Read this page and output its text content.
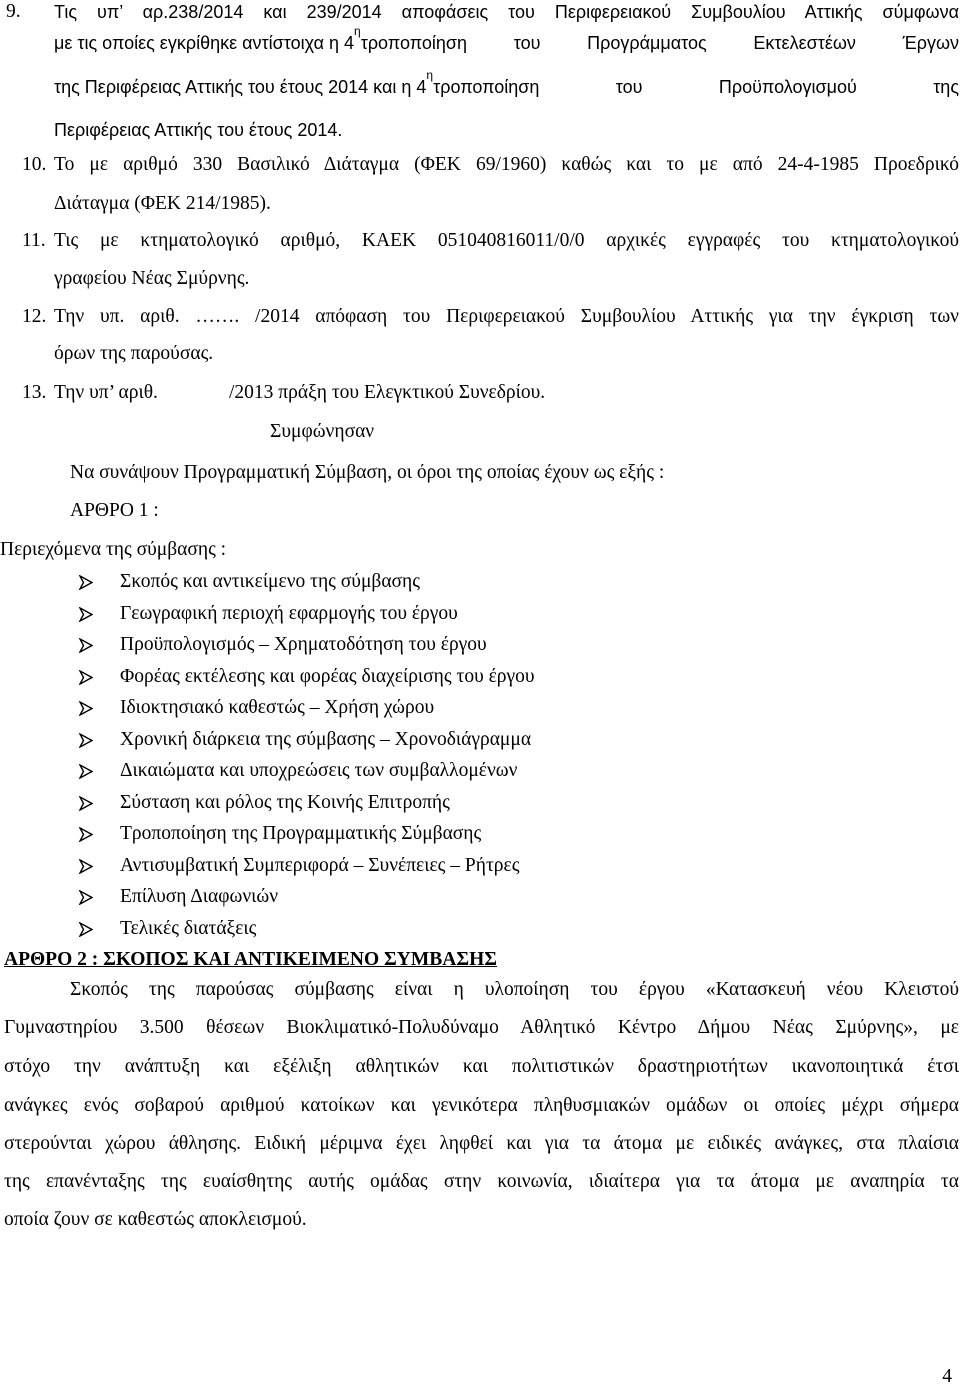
9. Τις υπ’ αρ.238/2014 και 239/2014 αποφάσεις του Περιφερειακού Συμβουλίου Αττικής σύμφωνα
με τις οποίες εγκρίθηκε αντίστοιχα η 4
η
τροποποίηση του Προγράμματος Εκτελεστέων Έργων
της Περιφέρειας Αττικής του έτους 2014 και η 4
η
τροποποίηση του Προϋπολογισμού της
Περιφέρειας Αττικής του έτους 2014.
10. Το με αριθμό 330 Βασιλικό Διάταγμα (ΦΕΚ 69/1960) καθώς και το με από 24-4-1985 Προεδρικό
Διάταγμα (ΦΕΚ 214/1985).
11. Τις με κτηματολογικό αριθμό, ΚΑΕΚ 051040816011/0/0 αρχικές εγγραφές του κτηματολογικού
γραφείου Νέας Σμύρνης.
12. Την υπ. αριθ. ……. /2014 απόφαση του Περιφερειακού Συμβουλίου Αττικής για την έγκριση των
όρων της παρούσας.
13. Την υπ’ αριθ.	/2013 πράξη του Ελεγκτικού Συνεδρίου.
Συμφώνησαν
Να συνάψουν Προγραμματική Σύμβαση, οι όροι της οποίας έχουν ως εξής :
ΑΡΘΡΟ 1 :
Περιεχόμενα της σύμβασης :
Σκοπός και αντικείμενο της σύμβασης
Γεωγραφική περιοχή εφαρμογής του έργου
Προϋπολογισμός – Χρηματοδότηση του έργου
Φορέας εκτέλεσης και φορέας διαχείρισης του έργου
Ιδιοκτησιακό καθεστώς – Χρήση χώρου
Χρονική διάρκεια της σύμβασης – Χρονοδιάγραμμα
Δικαιώματα και υποχρεώσεις των συμβαλλομένων
Σύσταση και ρόλος της Κοινής Επιτροπής
Τροποποίηση της Προγραμματικής Σύμβασης
Αντισυμβατική Συμπεριφορά – Συνέπειες – Ρήτρες
Επίλυση Διαφωνιών
Τελικές διατάξεις
ΑΡΘΡΟ 2 : ΣΚΟΠΟΣ ΚΑΙ ΑΝΤΙΚΕΙΜΕΝΟ ΣΥΜΒΑΣΗΣ
Σκοπός της παρούσας σύμβασης είναι η υλοποίηση του έργου «Κατασκευή νέου Κλειστού
Γυμναστηρίου 3.500 θέσεων Βιοκλιματικό-Πολυδύναμο Αθλητικό Κέντρο Δήμου Νέας Σμύρνης», με
στόχο την ανάπτυξη και εξέλιξη αθλητικών και πολιτιστικών δραστηριοτήτων ικανοποιητικά έτσι
ανάγκες ενός σοβαρού αριθμού κατοίκων και γενικότερα πληθυσμιακών ομάδων οι οποίες μέχρι σήμερα
στερούνται χώρου άθλησης. Ειδική μέριμνα έχει ληφθεί και για τα άτομα με ειδικές ανάγκες, στα πλαίσια
της επανένταξης της ευαίσθητης αυτής ομάδας στην κοινωνία, ιδιαίτερα για τα άτομα με αναπηρία τα
οποία ζουν σε καθεστώς αποκλεισμού.
4
